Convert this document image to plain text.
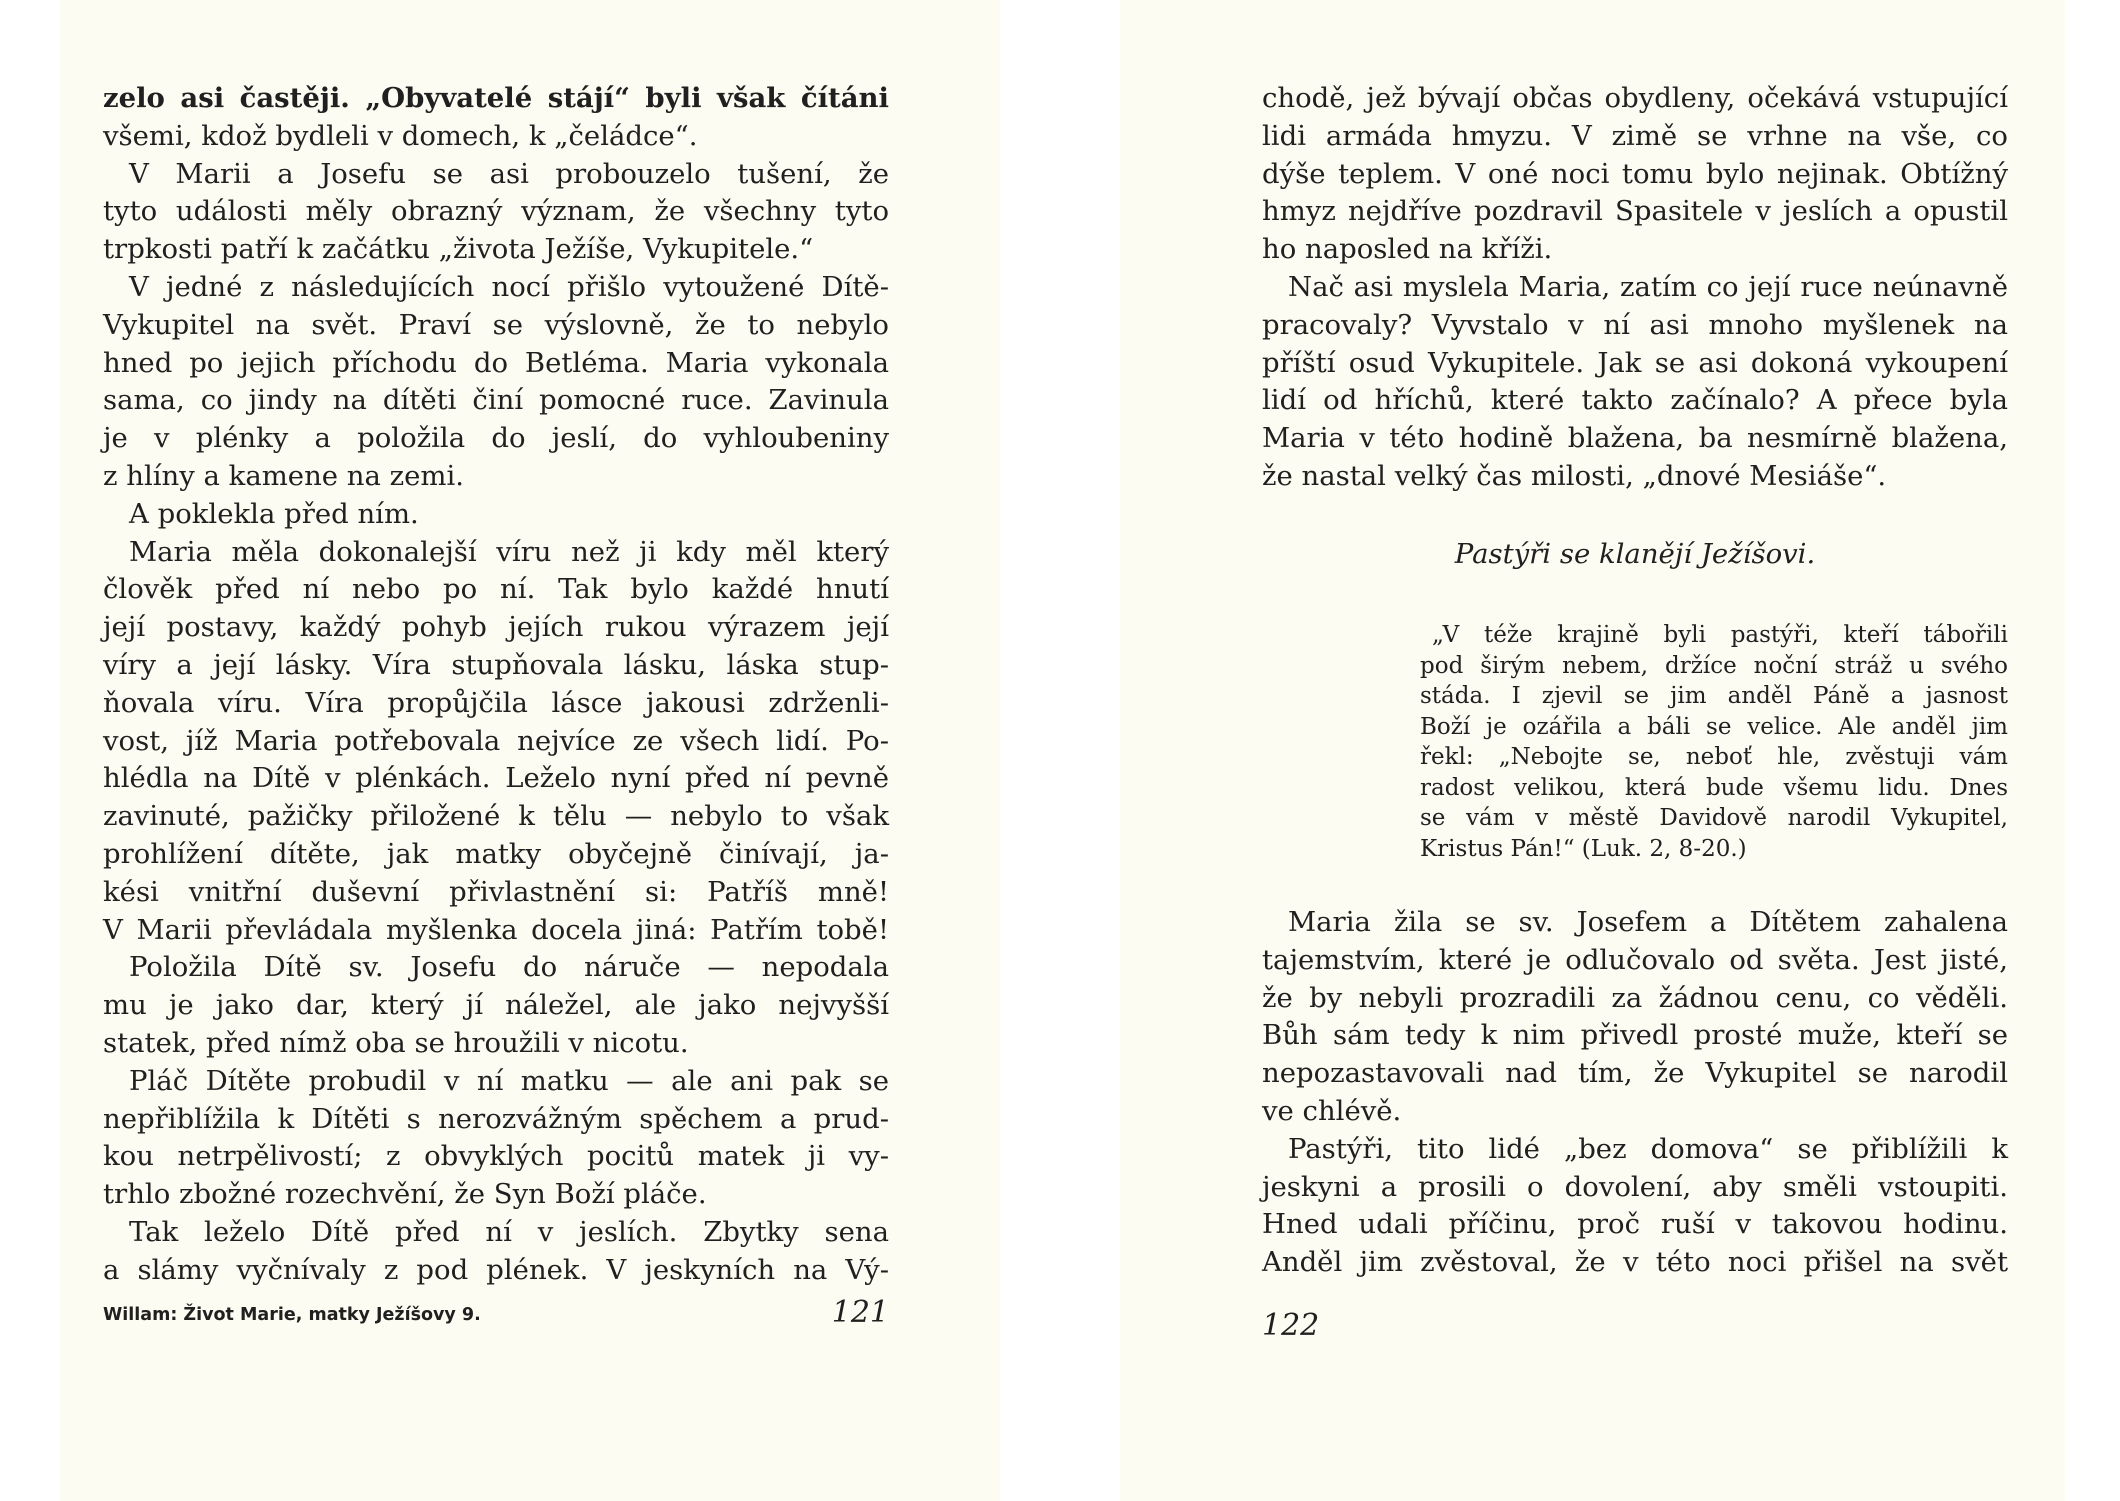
zelo asi častěji. „Obyvatelé stájí“ byli však čítáni
všemi, kdož bydleli v domech, k „čeládce“.
V Marii a Josefu se asi probouzelo tušení, že
tyto události měly obrazný význam, že všechny tyto
trpkosti patří k začátku „života Ježíše, Vykupitele.“
V jedné z následujících nocí přišlo vytoužené Dítě-
Vykupitel na svět. Praví se výslovně, že to nebylo
hned po jejich příchodu do Betléma. Maria vykonala
sama, co jindy na dítěti činí pomocné ruce. Zavinula
je v plénky a položila do jeslí, do vyhloubeniny
z hlíny a kamene na zemi.
A poklekla před ním.
Maria měla dokonalejší víru než ji kdy měl který
člověk před ní nebo po ní. Tak bylo každé hnutí
její postavy, každý pohyb jejích rukou výrazem její
víry a její lásky. Víra stupňovala lásku, láska stup-
ňovala víru. Víra propůjčila lásce jakousi zdrženli-
vost, jíž Maria potřebovala nejvíce ze všech lidí. Po-
hlédla na Dítě v plénkách. Leželo nyní před ní pevně
zavinuté, pažičky přiložené k tělu — nebylo to však
prohlížení dítěte, jak matky obyčejně činívají, ja-
kési vnitřní duševní přivlastnění si: Patříš mně!
V Marii převládala myšlenka docela jiná: Patřím tobě!
Položila Dítě sv. Josefu do náruče — nepodala
mu je jako dar, který jí náležel, ale jako nejvyšší
statek, před nímž oba se hroužili v nicotu.
Pláč Dítěte probudil v ní matku — ale ani pak se
nepřiblížila k Dítěti s nerozvážným spěchem a prud-
kou netrpělivostí; z obvyklých pocitů matek ji vy-
trhlo zbožné rozechvění, že Syn Boží pláče.
Tak leželo Dítě před ní v jeslích. Zbytky sena
a slámy vyčnívaly z pod plének. V jeskyních na Vý-
Willam: Život Marie, matky Ježíšovy 9.	121
chodě, jež bývají občas obydleny, očekává vstupující
lidi armáda hmyzu. V zimě se vrhne na vše, co
dýše teplem. V oné noci tomu bylo nejinak. Obtížný
hmyz nejdříve pozdravil Spasitele v jeslích a opustil
ho naposled na kříži.
Nač asi myslela Maria, zatím co její ruce neúnavně
pracovaly? Vyvstalo v ní asi mnoho myšlenek na
příští osud Vykupitele. Jak se asi dokoná vykoupení
lidí od hříchů, které takto začínalo? A přece byla
Maria v této hodině blažena, ba nesmírně blažena,
že nastal velký čas milosti, „dnové Mesiáše“.
Pastýři se klanějí Ježíšovi.
„V téže krajině byli pastýři, kteří tábořili
pod širým nebem, držíce noční stráž u svého
stáda. I zjevil se jim anděl Páně a jasnost
Boží je ozářila a báli se velice. Ale anděl jim
řekl: „Nebojte se, neboť hle, zvěstuji vám
radost velikou, která bude všemu lidu. Dnes
se vám v městě Davidově narodil Vykupitel,
Kristus Pán!“ (Luk. 2, 8-20.)
Maria žila se sv. Josefem a Dítětem zahalena
tajemstvím, které je odlučovalo od světa. Jest jisté,
že by nebyli prozradili za žádnou cenu, co věděli.
Bůh sám tedy k nim přivedl prosté muže, kteří se
nepozastavovali nad tím, že Vykupitel se narodil
ve chlévě.
Pastýři, tito lidé „bez domova“ se přiblížili k
jeskyni a prosili o dovolení, aby směli vstoupiti.
Hned udali příčinu, proč ruší v takovou hodinu.
Anděl jim zvěstoval, že v této noci přišel na svět
122
